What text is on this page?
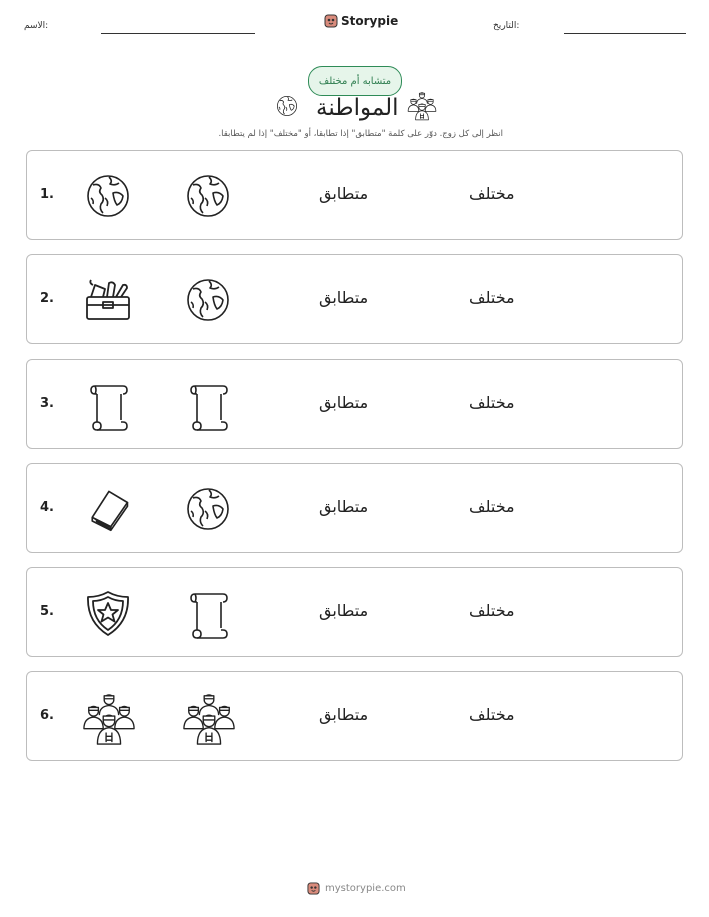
الاسم:	Storypie	التاريخ:
متشابه أم مختلف
المواطنة
انظر إلى كل زوج. دوّر على كلمة "متطابق" إذا تطابقا، أو "مختلف" إذا لم يتطابقا.
1.	متطابق	مختلف
2.	متطابق	مختلف
3.	متطابق	مختلف
4.	متطابق	مختلف
5.	متطابق	مختلف
6.	متطابق	مختلف
mystorypie.com
